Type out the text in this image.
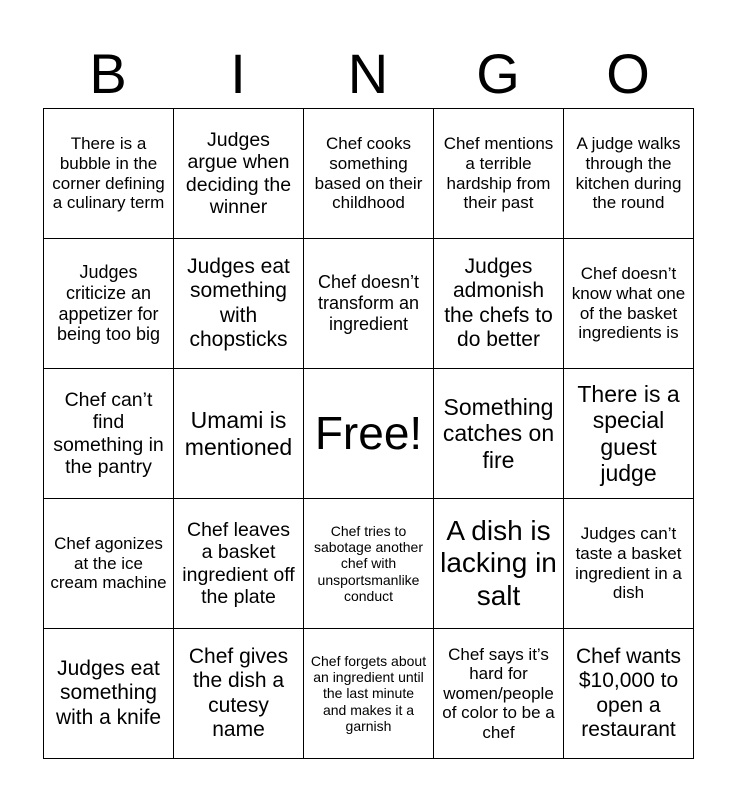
B	I	N	G	O
There is a bubble in the corner defining a culinary term	Judges argue when deciding the winner	Chef cooks something based on their childhood	Chef mentions a terrible hardship from their past	A judge walks through the kitchen during the round
Judges criticize an appetizer for being too big	Judges eat something with chopsticks	Chef doesn’t transform an ingredient	Judges admonish the chefs to do better	Chef doesn’t know what one of the basket ingredients is
Chef can’t find something in the pantry	Umami is mentioned	Free!	Something catches on fire	There is a special guest judge
Chef agonizes at the ice cream machine	Chef leaves a basket ingredient off the plate	Chef tries to sabotage another chef with unsportsmanlike conduct	A dish is lacking in salt	Judges can’t taste a basket ingredient in a dish
Judges eat something with a knife	Chef gives the dish a cutesy name	Chef forgets about an ingredient until the last minute and makes it a garnish	Chef says it’s hard for women/people of color to be a chef	Chef wants $10,000 to open a restaurant
